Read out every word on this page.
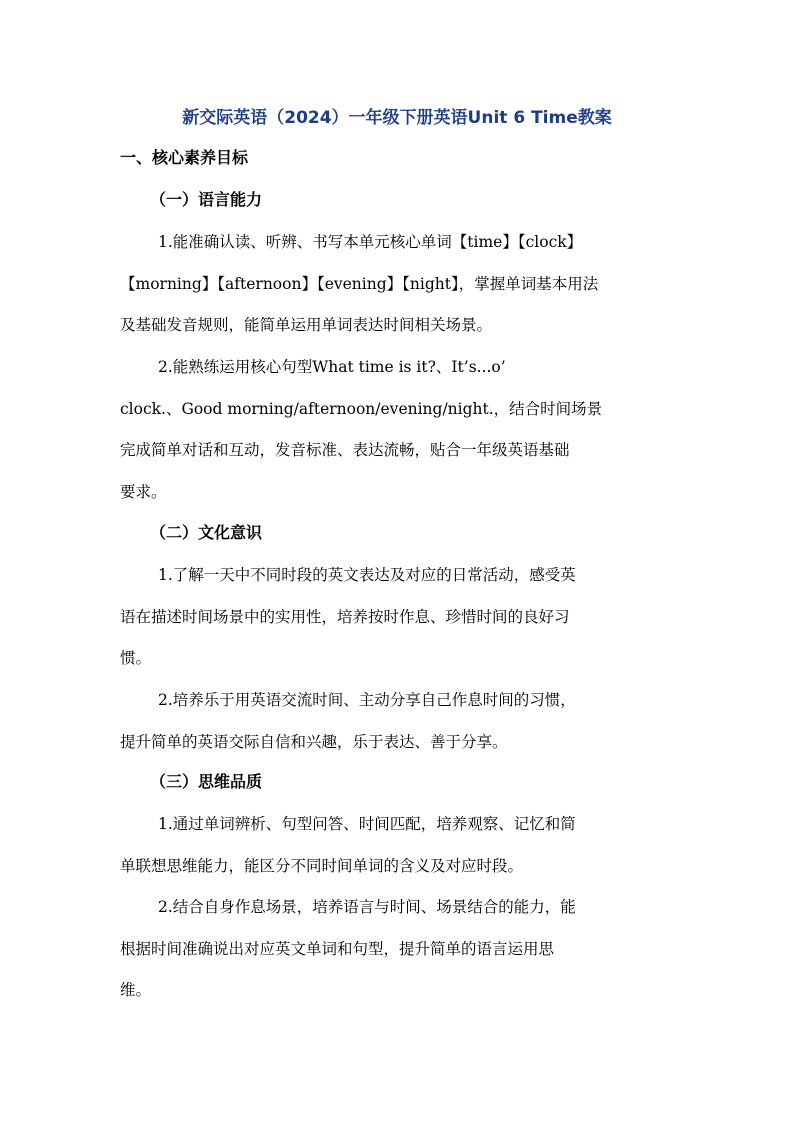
新交际英语（2024）一年级下册英语Unit 6 Time教案
一、核心素养目标
（一）语言能力
1.能准确认读、听辨、书写本单元核心单词【time】【clock】
【morning】【afternoon】【evening】【night】，掌握单词基本用法
及基础发音规则，能简单运用单词表达时间相关场景。
2.能熟练运用核心句型What time is it?、It’s...o’
clock.、Good morning/afternoon/evening/night.，结合时间场景
完成简单对话和互动，发音标准、表达流畅，贴合一年级英语基础
要求。
（二）文化意识
1.了解一天中不同时段的英文表达及对应的日常活动，感受英
语在描述时间场景中的实用性，培养按时作息、珍惜时间的良好习
惯。
2.培养乐于用英语交流时间、主动分享自己作息时间的习惯，
提升简单的英语交际自信和兴趣，乐于表达、善于分享。
（三）思维品质
1.通过单词辨析、句型问答、时间匹配，培养观察、记忆和简
单联想思维能力，能区分不同时间单词的含义及对应时段。
2.结合自身作息场景，培养语言与时间、场景结合的能力，能
根据时间准确说出对应英文单词和句型，提升简单的语言运用思
维。
